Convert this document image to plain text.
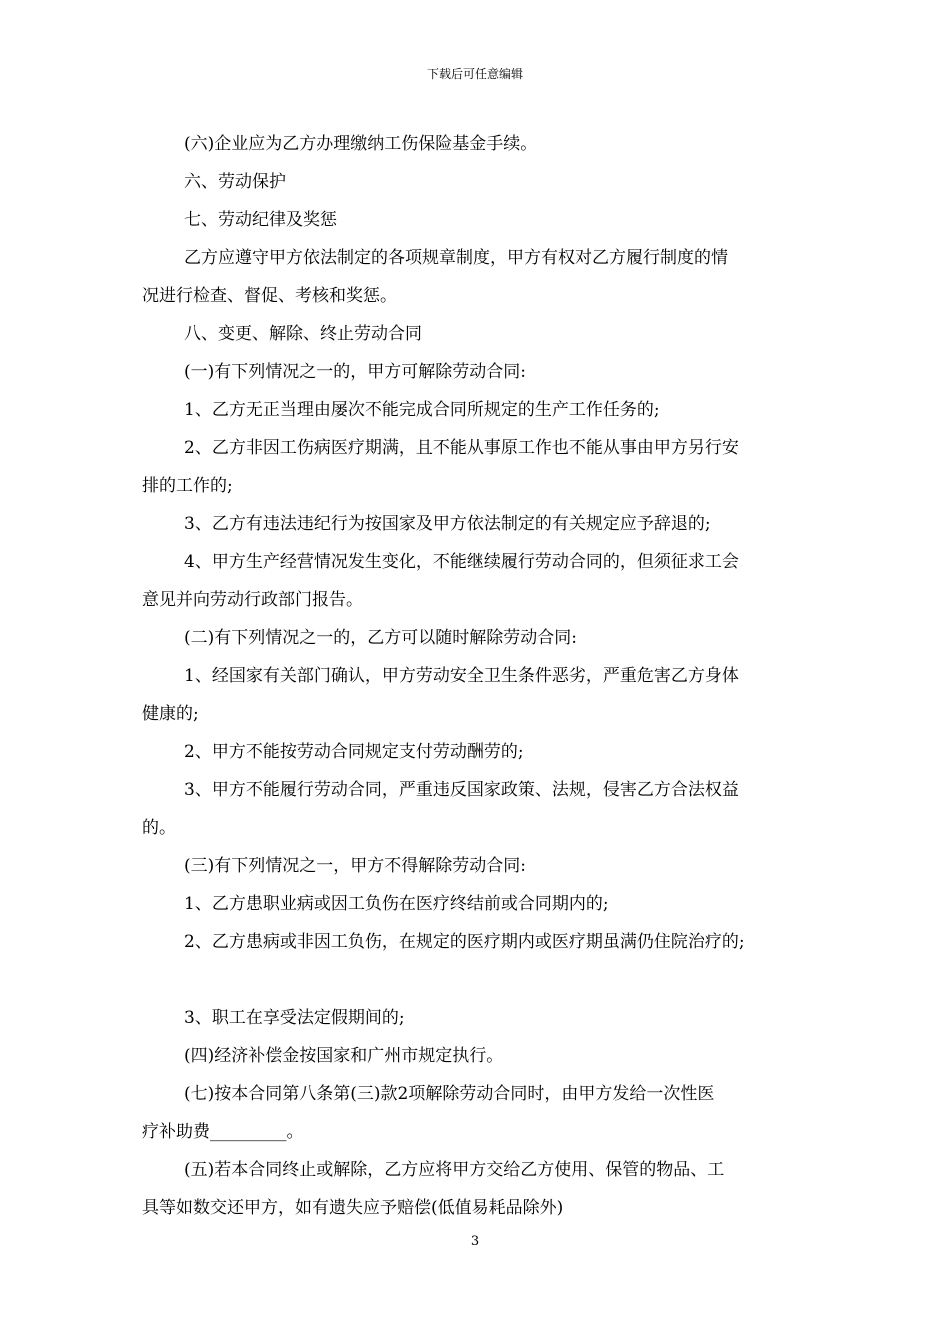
下载后可任意编辑
(六)企业应为乙方办理缴纳工伤保险基金手续。
六、劳动保护
七、劳动纪律及奖惩
乙方应遵守甲方依法制定的各项规章制度，甲方有权对乙方履行制度的情
况进行检查、督促、考核和奖惩。
八、变更、解除、终止劳动合同
(一)有下列情况之一的，甲方可解除劳动合同:
1、乙方无正当理由屡次不能完成合同所规定的生产工作任务的;
2、乙方非因工伤病医疗期满，且不能从事原工作也不能从事由甲方另行安
排的工作的;
3、乙方有违法违纪行为按国家及甲方依法制定的有关规定应予辞退的;
4、甲方生产经营情况发生变化，不能继续履行劳动合同的，但须征求工会
意见并向劳动行政部门报告。
(二)有下列情况之一的，乙方可以随时解除劳动合同:
1、经国家有关部门确认，甲方劳动安全卫生条件恶劣，严重危害乙方身体
健康的;
2、甲方不能按劳动合同规定支付劳动酬劳的;
3、甲方不能履行劳动合同，严重违反国家政策、法规，侵害乙方合法权益
的。
(三)有下列情况之一，甲方不得解除劳动合同:
1、乙方患职业病或因工负伤在医疗终结前或合同期内的;
2、乙方患病或非因工负伤，在规定的医疗期内或医疗期虽满仍住院治疗的;
3、职工在享受法定假期间的;
(四)经济补偿金按国家和广州市规定执行。
(七)按本合同第八条第(三)款2项解除劳动合同时，由甲方发给一次性医
疗补助费_________。
(五)若本合同终止或解除，乙方应将甲方交给乙方使用、保管的物品、工
具等如数交还甲方，如有遗失应予赔偿(低值易耗品除外)
3
